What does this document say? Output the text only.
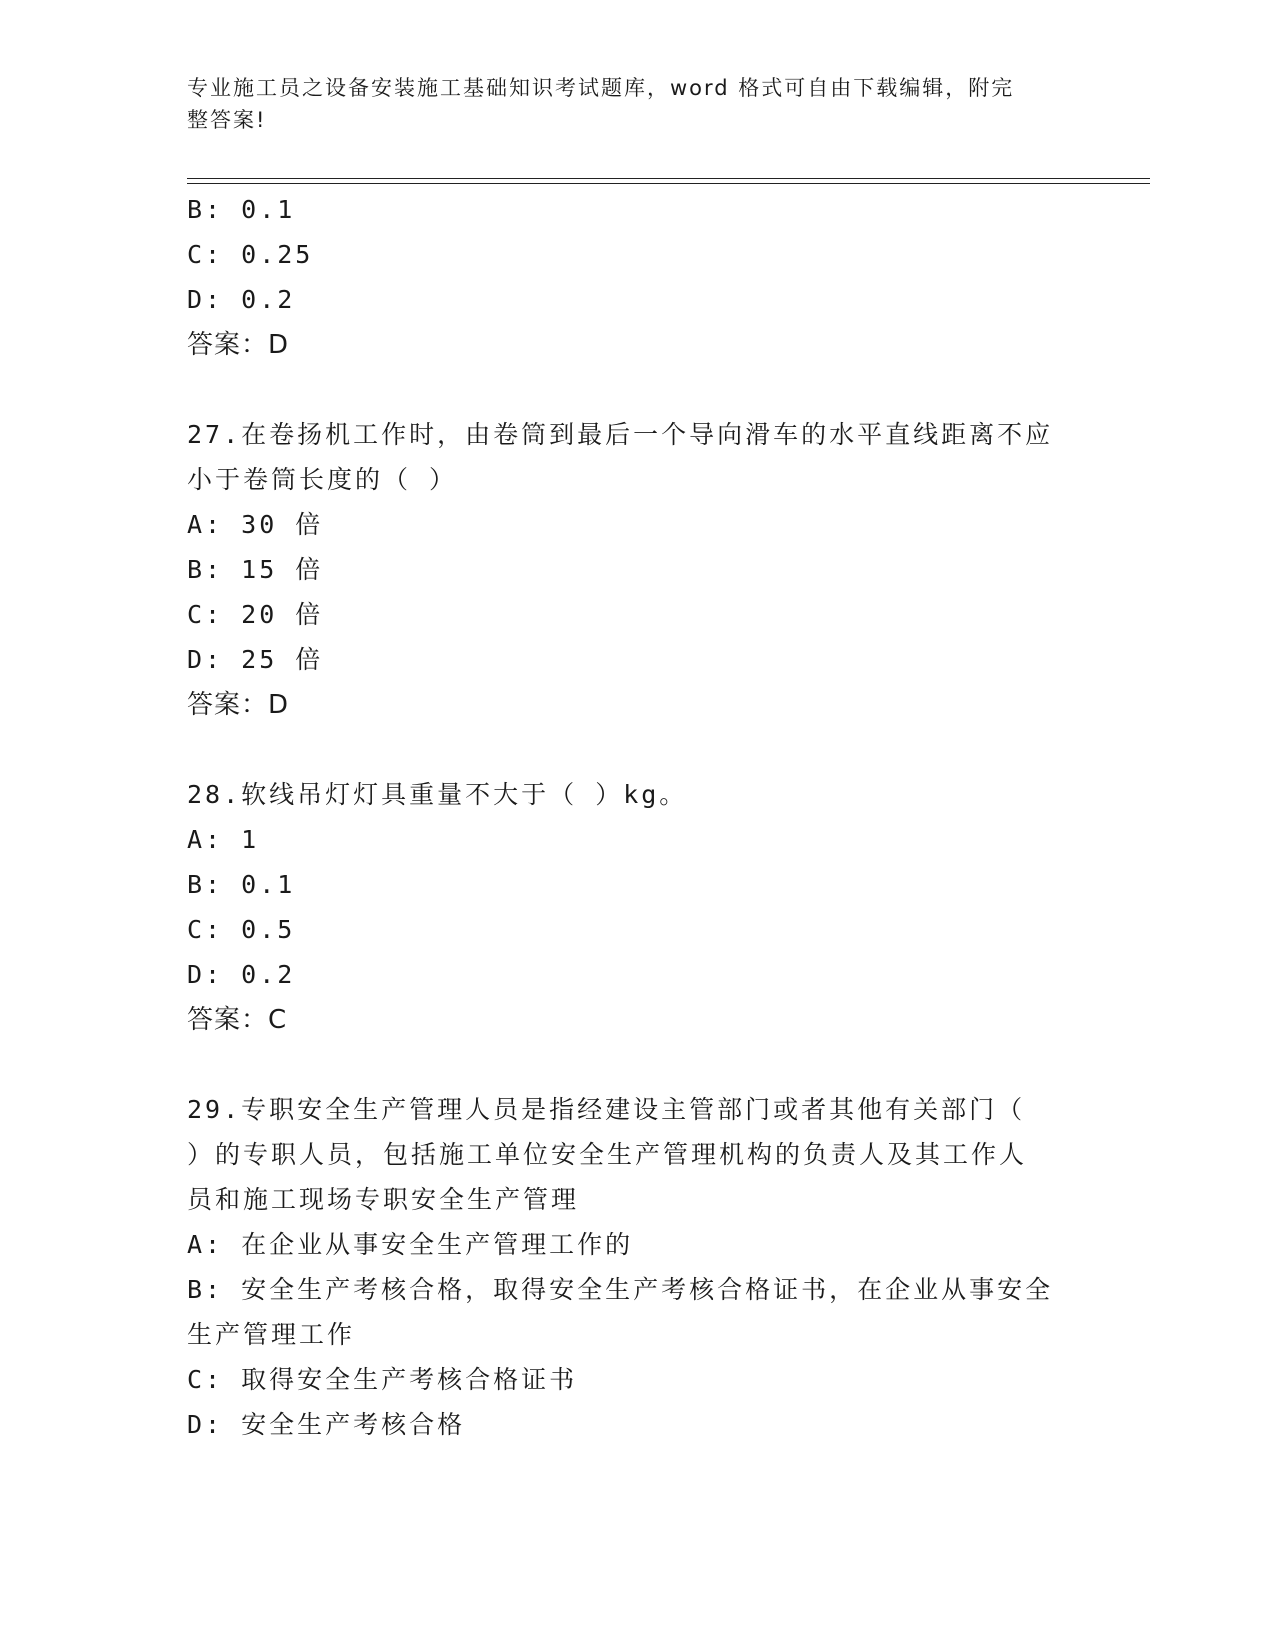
专业施工员之设备安装施工基础知识考试题库，word 格式可自由下载编辑，附完
整答案!
B: 0.1
C: 0.25
D: 0.2
答案：D
27.在卷扬机工作时，由卷筒到最后一个导向滑车的水平直线距离不应
小于卷筒长度的（ ）
A: 30 倍
B: 15 倍
C: 20 倍
D: 25 倍
答案：D
28.软线吊灯灯具重量不大于（ ）kg。
A: 1
B: 0.1
C: 0.5
D: 0.2
答案：C
29.专职安全生产管理人员是指经建设主管部门或者其他有关部门（
）的专职人员，包括施工单位安全生产管理机构的负责人及其工作人
员和施工现场专职安全生产管理
A: 在企业从事安全生产管理工作的
B: 安全生产考核合格，取得安全生产考核合格证书，在企业从事安全
生产管理工作
C: 取得安全生产考核合格证书
D: 安全生产考核合格
